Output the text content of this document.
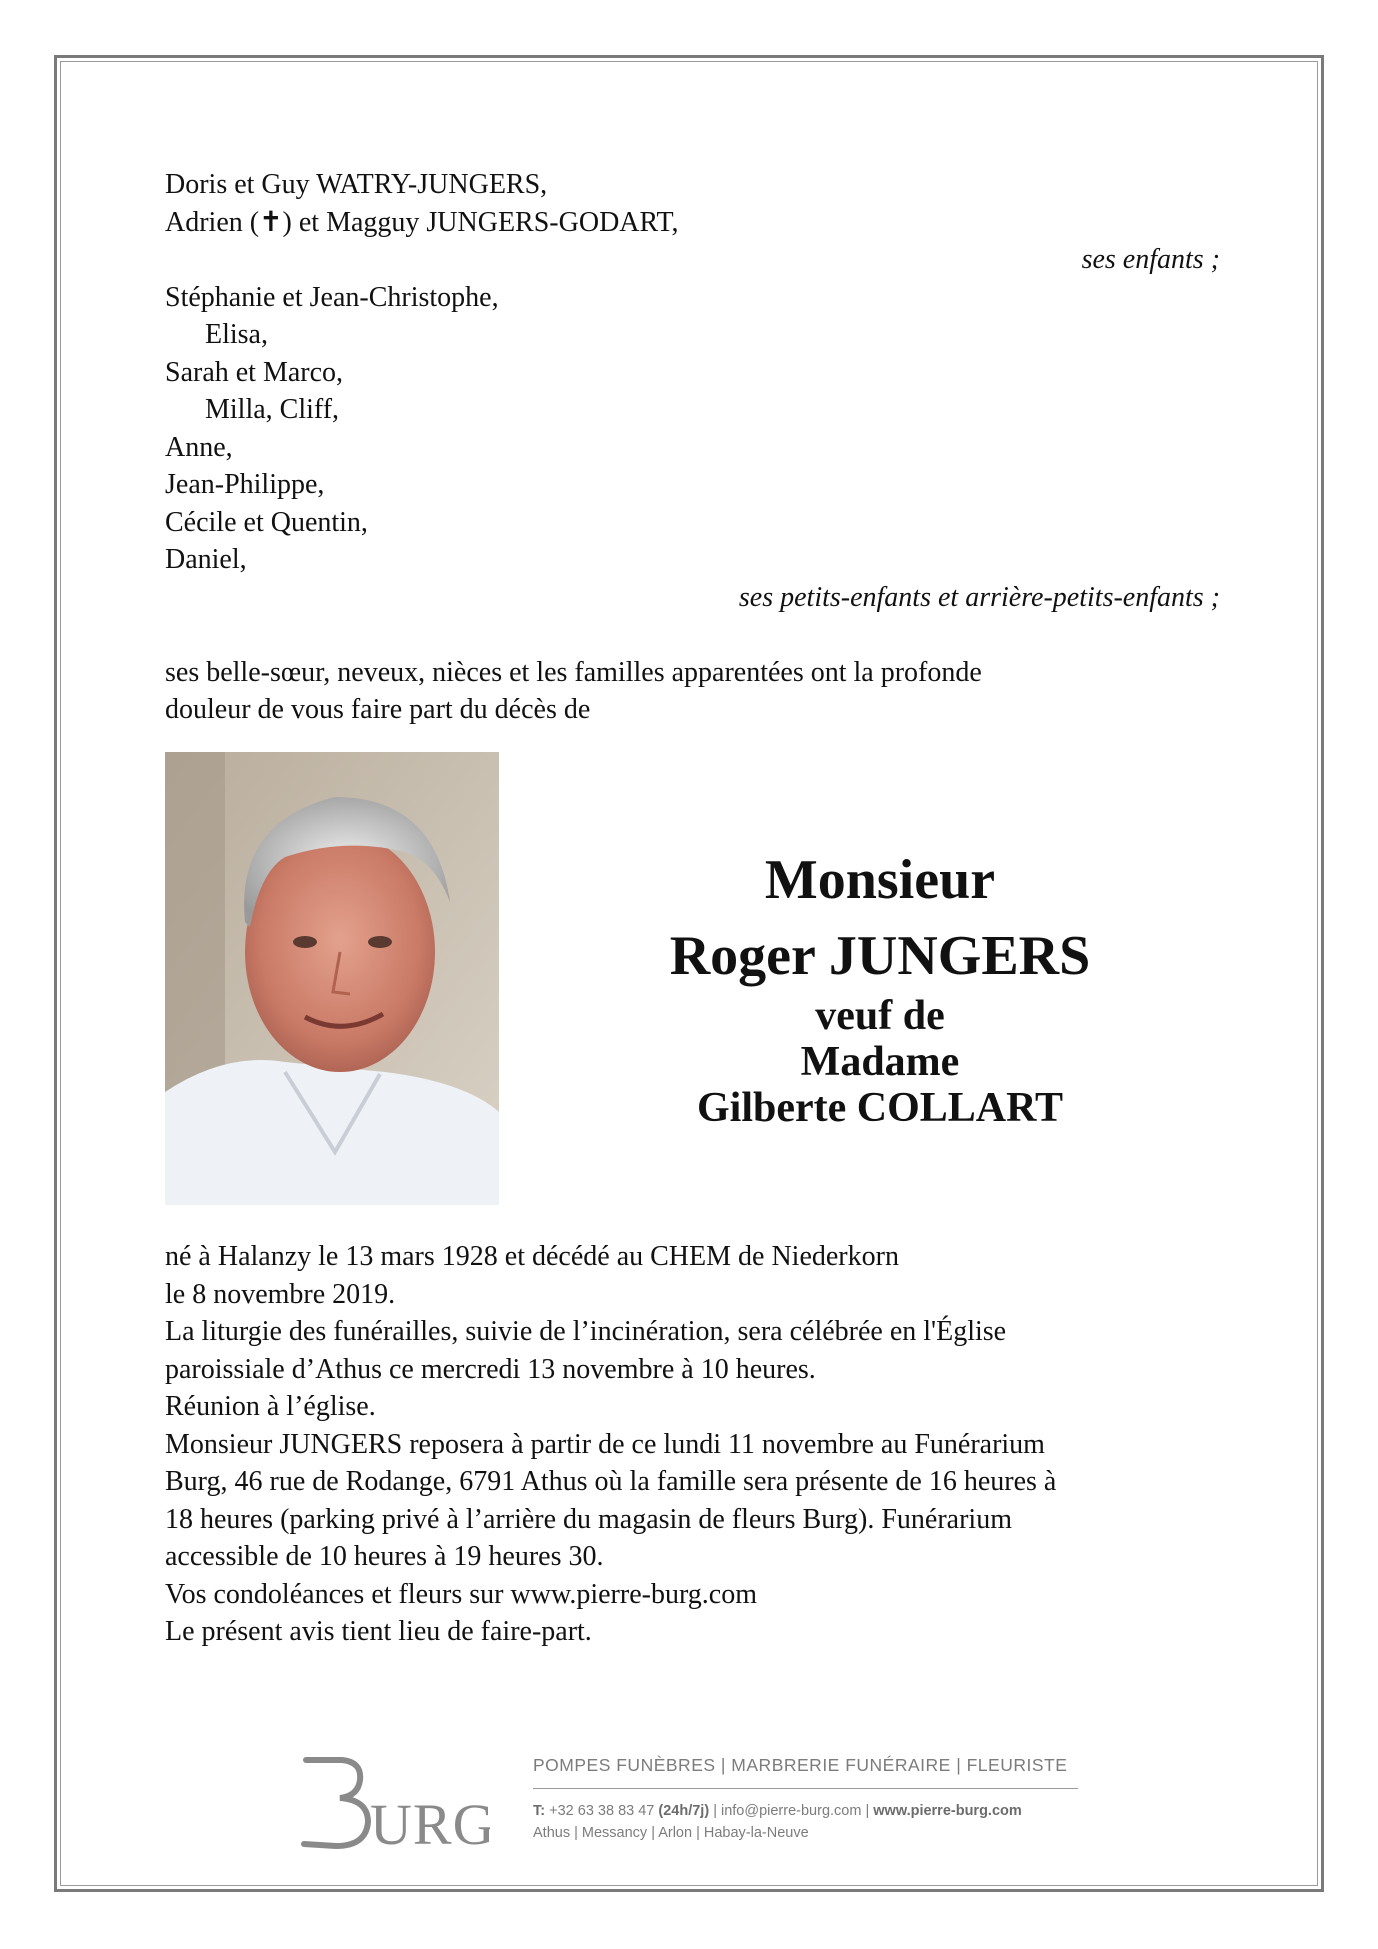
Doris et Guy WATRY-JUNGERS,
Adrien (✝) et Magguy JUNGERS-GODART,
ses enfants ;
Stéphanie et Jean-Christophe,
Elisa,
Sarah et Marco,
Milla, Cliff,
Anne,
Jean-Philippe,
Cécile et Quentin,
Daniel,
ses petits-enfants et arrière-petits-enfants ;
ses belle-sœur, neveux, nièces et les familles apparentées ont la profonde
douleur de vous faire part du décès de
Monsieur
Roger JUNGERS
veuf de
Madame
Gilberte COLLART
né à Halanzy le 13 mars 1928 et décédé au CHEM de Niederkorn
le 8 novembre 2019.
La liturgie des funérailles, suivie de l’incinération, sera célébrée en l'Église
paroissiale d’Athus ce mercredi 13 novembre à 10 heures.
Réunion à l’église.
Monsieur JUNGERS reposera à partir de ce lundi 11 novembre au Funérarium
Burg, 46 rue de Rodange, 6791 Athus où la famille sera présente de 16 heures à
18 heures (parking privé à l’arrière du magasin de fleurs Burg). Funérarium
accessible de 10 heures à 19 heures 30.
Vos condoléances et fleurs sur www.pierre-burg.com
Le présent avis tient lieu de faire-part.
URG
POMPES FUNÈBRES | MARBRERIE FUNÉRAIRE | FLEURISTE
T: +32 63 38 83 47 (24h/7j) | info@pierre-burg.com | www.pierre-burg.com
Athus | Messancy | Arlon | Habay-la-Neuve
